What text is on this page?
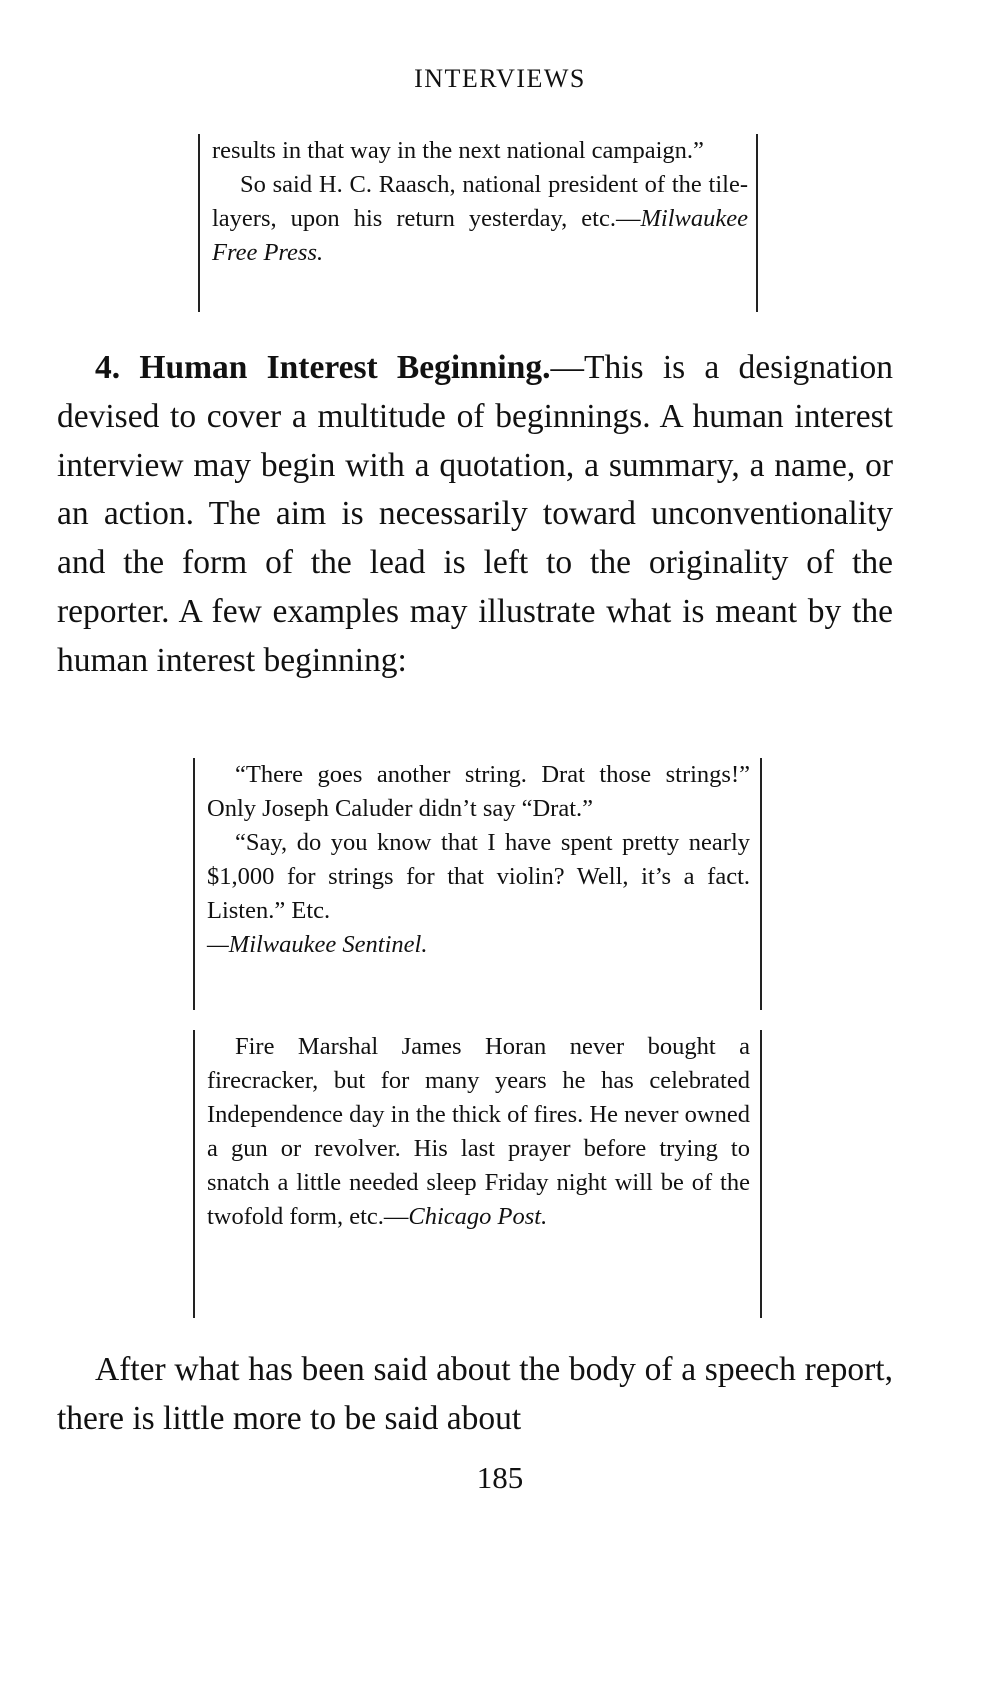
INTERVIEWS

results in that way in the next national campaign.”

So said H. C. Raasch, national president of the tile-layers, upon his return yesterday, etc.—Milwaukee Free Press.

4. Human Interest Beginning.—This is a designation devised to cover a multitude of beginnings. A human interest interview may begin with a quotation, a summary, a name, or an action. The aim is necessarily toward unconventionality and the form of the lead is left to the originality of the reporter. A few examples may illustrate what is meant by the human interest beginning:

“There goes another string. Drat those strings!” Only Joseph Caluder didn’t say “Drat.”

“Say, do you know that I have spent pretty nearly $1,000 for strings for that violin? Well, it’s a fact. Listen.” Etc.

—Milwaukee Sentinel.

Fire Marshal James Horan never bought a firecracker, but for many years he has celebrated Independence day in the thick of fires. He never owned a gun or revolver. His last prayer before trying to snatch a little needed sleep Friday night will be of the twofold form, etc.—Chicago Post.

After what has been said about the body of a speech report, there is little more to be said about

185
